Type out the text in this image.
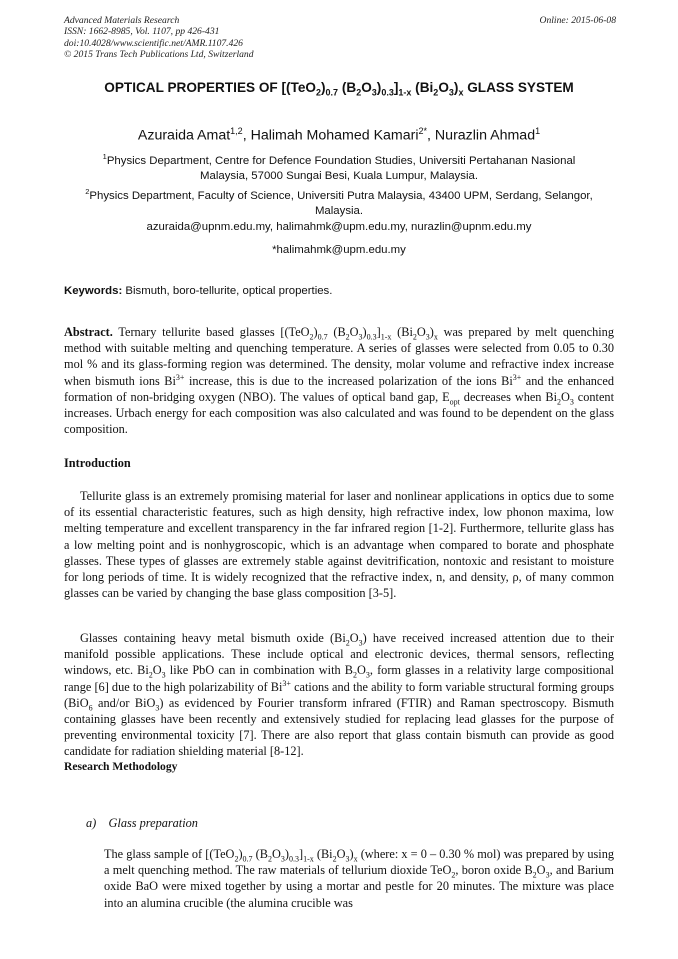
Advanced Materials Research
ISSN: 1662-8985, Vol. 1107, pp 426-431
doi:10.4028/www.scientific.net/AMR.1107.426
© 2015 Trans Tech Publications Ltd, Switzerland
Online: 2015-06-08
OPTICAL PROPERTIES OF [$(TeO_2)_{0.7}$ $(B_2O_3)_{0.3}]_{1-x}$ $(Bi_2O_3)_x$ GLASS SYSTEM
Azuraida Amat$^{1,2}$, Halimah Mohamed Kamari$^{2*}$, Nurazlin Ahmad$^1$
$^1$Physics Department, Centre for Defence Foundation Studies, Universiti Pertahanan Nasional Malaysia, 57000 Sungai Besi, Kuala Lumpur, Malaysia.
$^2$Physics Department, Faculty of Science, Universiti Putra Malaysia, 43400 UPM, Serdang, Selangor, Malaysia.
azuraida@upnm.edu.my, halimahmk@upm.edu.my, nurazlin@upnm.edu.my
*halimahmk@upm.edu.my
Keywords: Bismuth, boro-tellurite, optical properties.
Abstract. Ternary tellurite based glasses [$(TeO_2)_{0.7}$ $(B_2O_3)_{0.3}]_{1-x}$ $(Bi_2O_3)_x$ was prepared by melt quenching method with suitable melting and quenching temperature. A series of glasses were selected from 0.05 to 0.30 mol % and its glass-forming region was determined. The density, molar volume and refractive index increase when bismuth ions $Bi^{3+}$ increase, this is due to the increased polarization of the ions $Bi^{3+}$ and the enhanced formation of non-bridging oxygen (NBO). The values of optical band gap, $E_{opt}$ decreases when $Bi_2O_3$ content increases. Urbach energy for each composition was also calculated and was found to be dependent on the glass composition.
Introduction
Tellurite glass is an extremely promising material for laser and nonlinear applications in optics due to some of its essential characteristic features, such as high density, high refractive index, low phonon maxima, low melting temperature and excellent transparency in the far infrared region [1-2]. Furthermore, tellurite glass has a low melting point and is nonhygroscopic, which is an advantage when compared to borate and phosphate glasses. These types of glasses are extremely stable against devitrification, nontoxic and resistant to moisture for long periods of time. It is widely recognized that the refractive index, n, and density, ρ, of many common glasses can be varied by changing the base glass composition [3-5].
Glasses containing heavy metal bismuth oxide $(Bi_2O_3)$ have received increased attention due to their manifold possible applications. These include optical and electronic devices, thermal sensors, reflecting windows, etc. $Bi_2O_3$ like PbO can in combination with $B_2O_3$, form glasses in a relativity large compositional range [6] due to the high polarizability of $Bi^{3+}$ cations and the ability to form variable structural forming groups (BiO$_6$ and/or BiO$_3$) as evidenced by Fourier transform infrared (FTIR) and Raman spectroscopy. Bismuth containing glasses have been recently and extensively studied for replacing lead glasses for the purpose of preventing environmental toxicity [7]. There are also report that glass contain bismuth can provide as good candidate for radiation shielding material [8-12].
Research Methodology
a) Glass preparation
The glass sample of [$(TeO_2)_{0.7}$ $(B_2O_3)_{0.3}]_{1-x}$ $(Bi_2O_3)_x$ (where: x = 0 – 0.30 % mol) was prepared by using a melt quenching method. The raw materials of tellurium dioxide TeO$_2$, boron oxide $B_2O_3$, and Barium oxide BaO were mixed together by using a mortar and pestle for 20 minutes. The mixture was place into an alumina crucible (the alumina crucible was
